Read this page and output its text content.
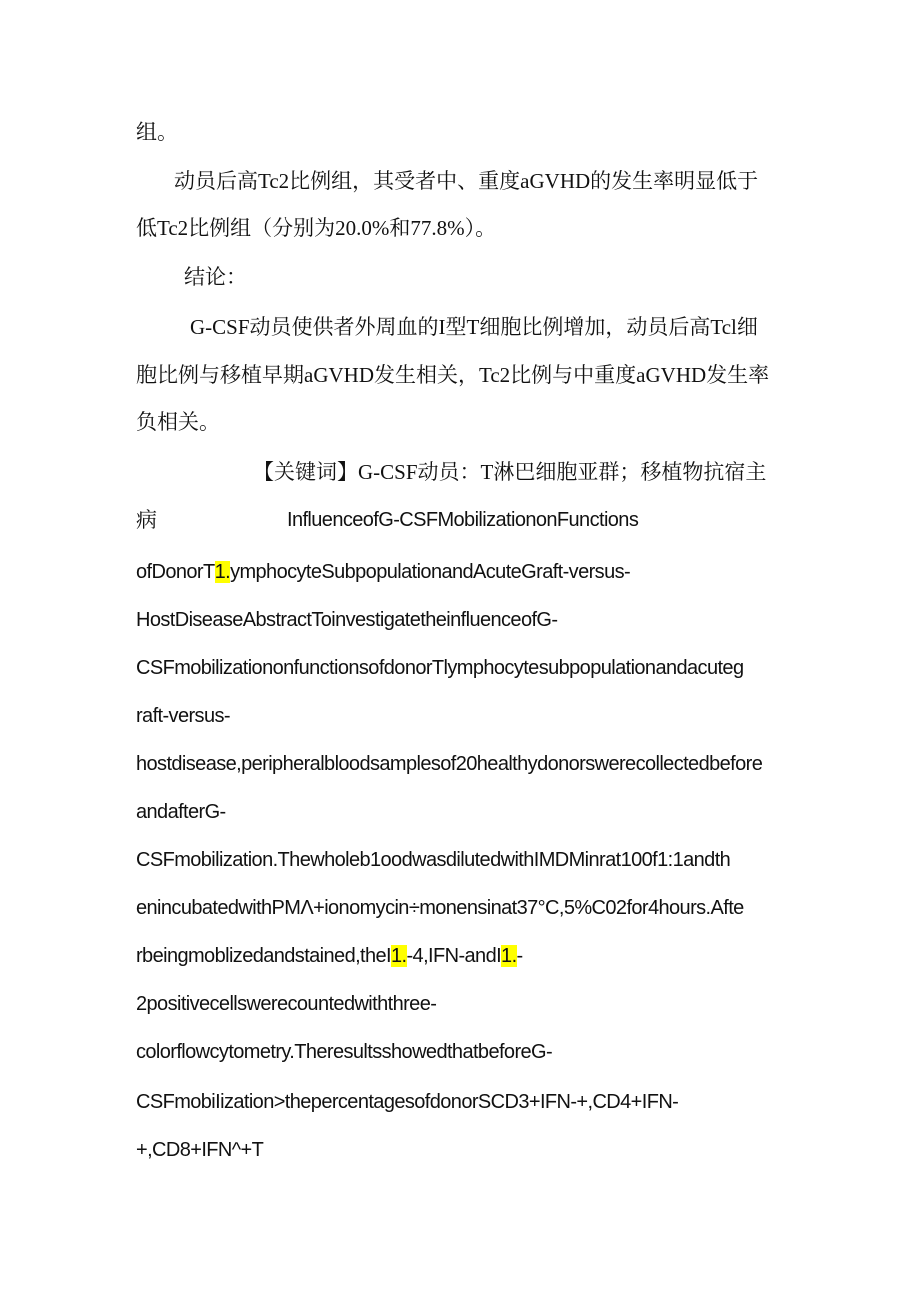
组。
动员后高Tc2比例组，其受者中、重度aGVHD的发生率明显低于
低Tc2比例组（分别为20.0%和77.8%）。
结论：
G-CSF动员使供者外周血的I型T细胞比例增加，动员后高Tcl细
胞比例与移植早期aGVHD发生相关，Tc2比例与中重度aGVHD发生率
负相关。
【关键词】G-CSF动员：T淋巴细胞亚群；移植物抗宿主
病	InfluenceofG-CSFMobilizationonFunctions
ofDonorT1.ymphocyteSubpopulationandAcuteGraft-versus-
HostDiseaseAbstractToinvestigatetheinfluenceofG-
CSFmobilizationonfunctionsofdonorTlymphocytesubpopulationandacuteg
raft-versus-
hostdisease,peripheralbloodsamplesof20healthydonorswerecollectedbefore
andafterG-
CSFmobilization.Thewholeb1oodwasdilutedwithIMDMinrat100f1:1andth
enincubatedwithPMΛ+ionomycin÷monensinat37°C,5%C02for4hours.Afte
rbeingmoblizedandstained,theI1.-4,IFN-andI1.-
2positivecellswerecountedwiththree-
colorflowcytometry.TheresultsshowedthatbeforeG-
CSFmobiIization>thepercentagesofdonorSCD3+IFN-+,CD4+IFN-
+,CD8+IFN^+T
